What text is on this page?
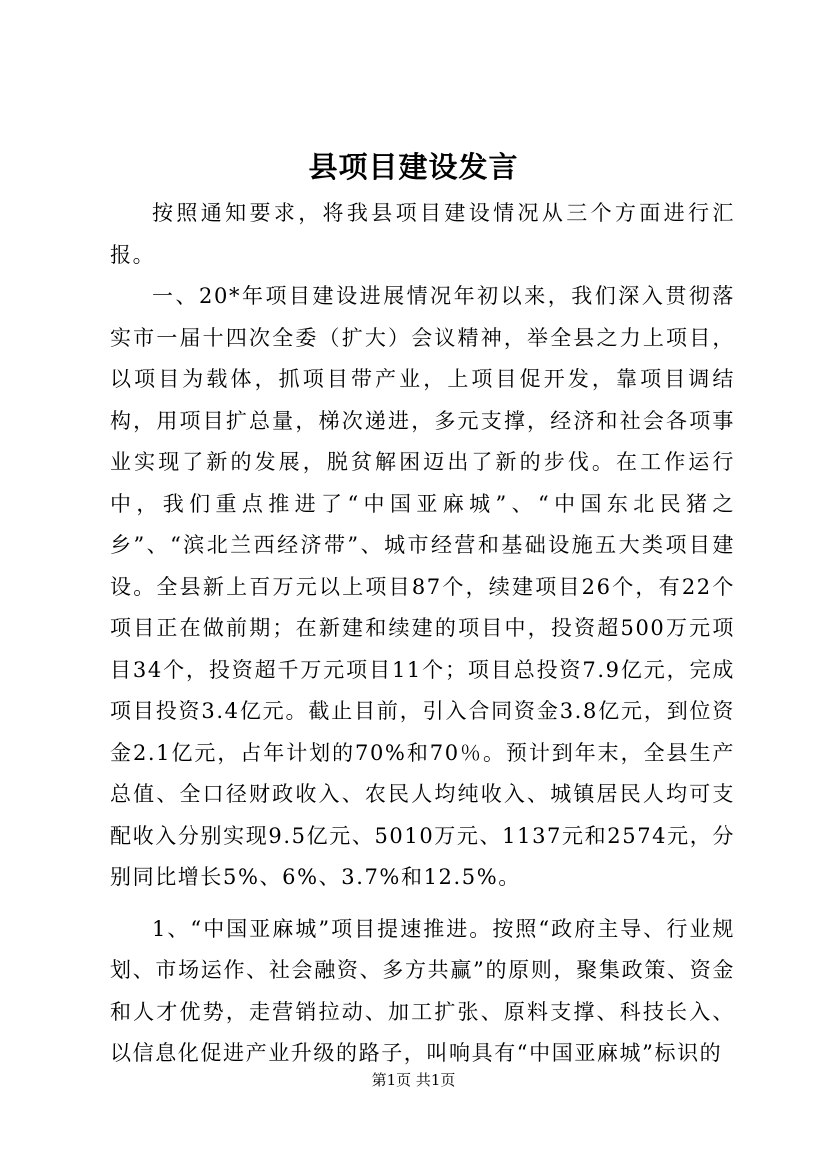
县项目建设发言

按照通知要求，将我县项目建设情况从三个方面进行汇报。

一、20*年项目建设进展情况年初以来，我们深入贯彻落实市一届十四次全委（扩大）会议精神，举全县之力上项目，以项目为载体，抓项目带产业，上项目促开发，靠项目调结构，用项目扩总量，梯次递进，多元支撑，经济和社会各项事业实现了新的发展，脱贫解困迈出了新的步伐。在工作运行中，我们重点推进了“中国亚麻城”、“中国东北民猪之乡”、“滨北兰西经济带”、城市经营和基础设施五大类项目建设。全县新上百万元以上项目87个，续建项目26个，有22个项目正在做前期；在新建和续建的项目中，投资超500万元项目34个，投资超千万元项目11个；项目总投资7.9亿元，完成项目投资3.4亿元。截止目前，引入合同资金3.8亿元，到位资金2.1亿元，占年计划的70%和70％。预计到年末，全县生产总值、全口径财政收入、农民人均纯收入、城镇居民人均可支配收入分别实现9.5亿元、5010万元、1137元和2574元，分别同比增长5%、6%、3.7%和12.5%。

1、“中国亚麻城”项目提速推进。按照“政府主导、行业规划、市场运作、社会融资、多方共赢”的原则，聚集政策、资金和人才优势，走营销拉动、加工扩张、原料支撑、科技长入、以信息化促进产业升级的路子，叫响具有“中国亚麻城”标识的

第1页 共1页
